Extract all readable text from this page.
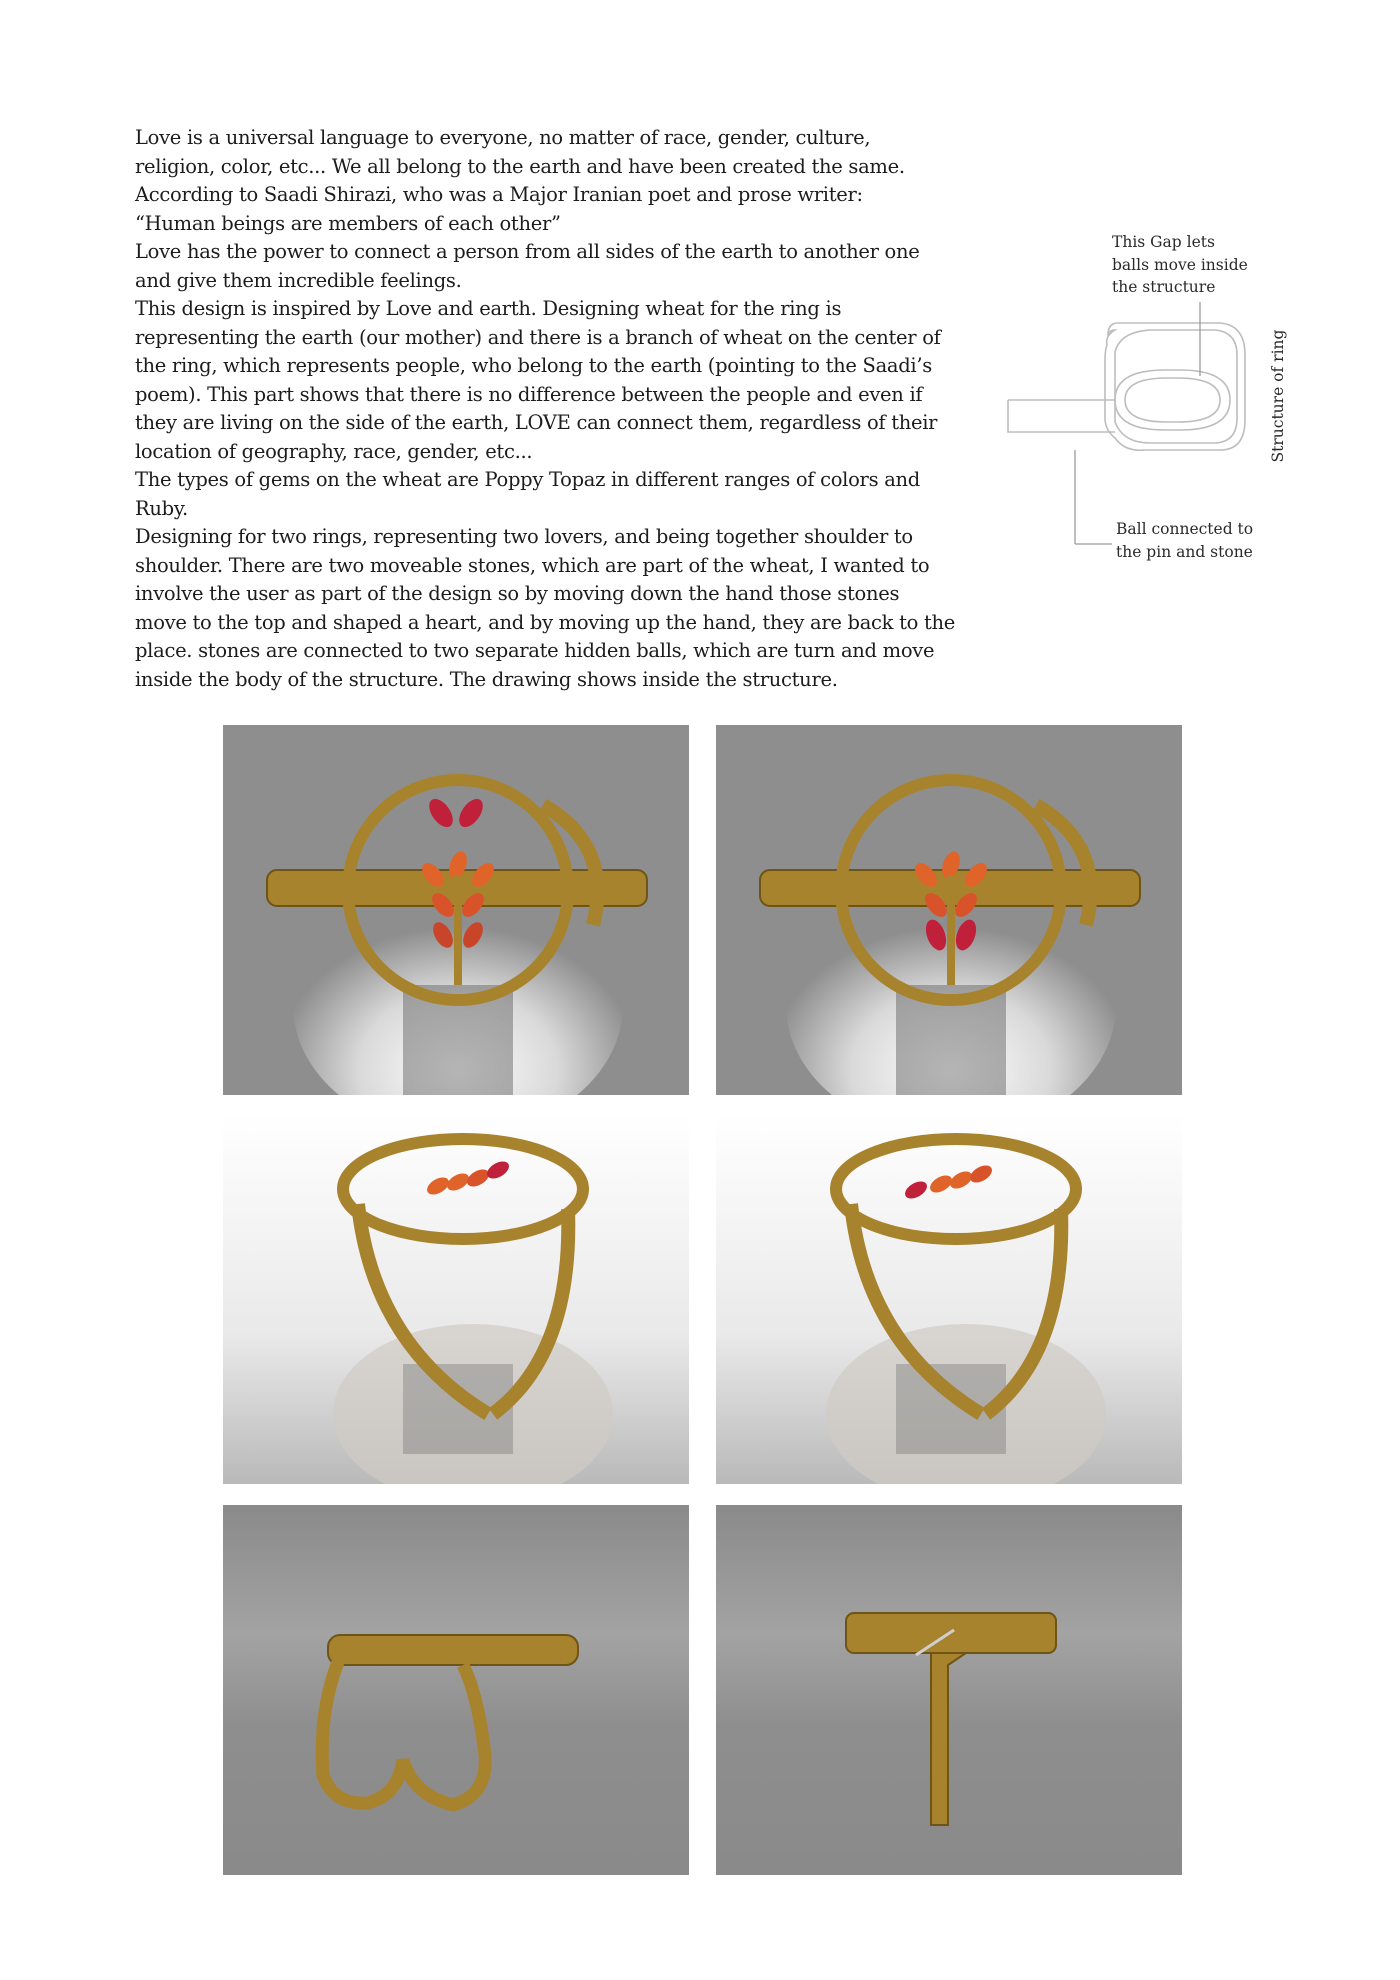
Love is a universal language to everyone, no matter of race, gender, culture, religion, color, etc... We all belong to the earth and have been created the same. According to Saadi Shirazi, who was a Major Iranian poet and prose writer:

“Human beings are members of each other”

Love has the power to connect a person from all sides of the earth to another one and give them incredible feelings.

This design is inspired by Love and earth. Designing wheat for the ring is representing the earth (our mother) and there is a branch of wheat on the center of the ring, which represents people, who belong to the earth (pointing to the Saadi’s poem). This part shows that there is no difference between the people and even if they are living on the side of the earth, LOVE can connect them, regardless of their location of geography, race, gender, etc...

The types of gems on the wheat are Poppy Topaz in different ranges of colors and Ruby.

Designing for two rings, representing two lovers, and being together shoulder to shoulder. There are two moveable stones, which are part of the wheat, I wanted to involve the user as part of the design so by moving down the hand those stones move to the top and shaped a heart, and by moving up the hand, they are back to the place. stones are connected to two separate hidden balls, which are turn and move inside the body of the structure. The drawing shows inside the structure.

This Gap lets

balls move inside

the structure

Ball connected to

the pin and stone

Structure of ring
